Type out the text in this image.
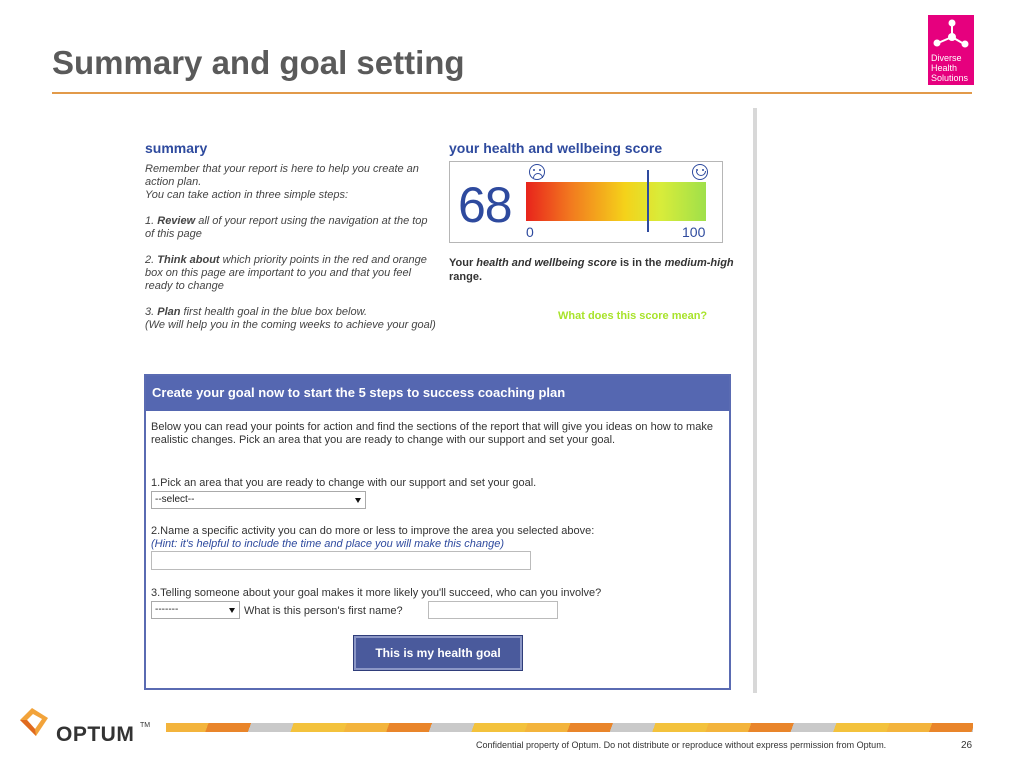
Summary and goal setting	Diverse
Health
Solutions
summary

Remember that your report is here to help you create an action plan.

You can take action in three simple steps:

1. Review all of your report using the navigation at the top of this page

2. Think about which priority points in the red and orange box on this page are important to you and that you feel ready to change

3. Plan first health goal in the blue box below.

(We will help you in the coming weeks to achieve your goal)

your health and wellbeing score
68 0	100
Your health and wellbeing score is in the medium-high range.
What does this score mean?
Create your goal now to start the 5 steps to success coaching plan
Below you can read your points for action and find the sections of the report that will give you ideas on how to make realistic changes. Pick an area that you are ready to change with our support and set your goal.
1.Pick an area that you are ready to change with our support and set your goal.
--select--
2.Name a specific activity you can do more or less to improve the area you selected above:
(Hint: it's helpful to include the time and place you will make this change)
3.Telling someone about your goal makes it more likely you'll succeed, who can you involve?
-------	What is this person's first name?
This is my health goal
OPTUM TM
Confidential property of Optum. Do not distribute or reproduce without express permission from Optum.	26
